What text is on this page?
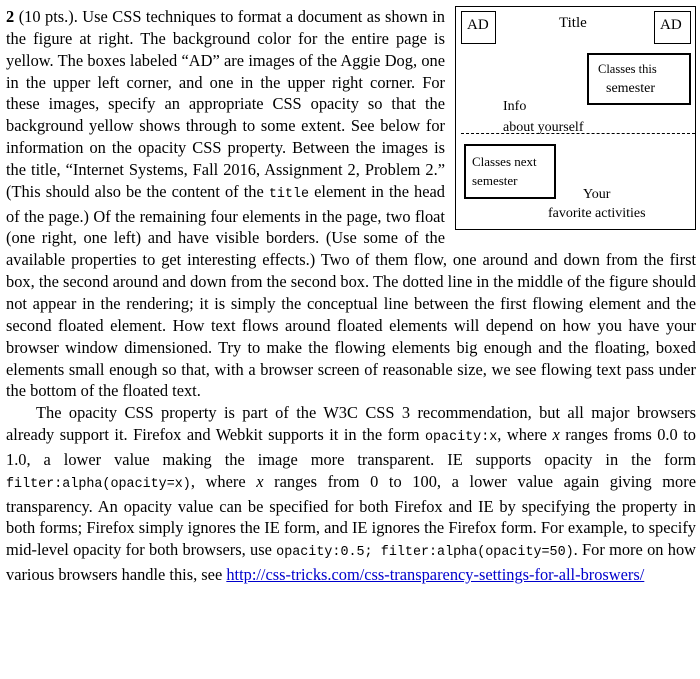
AD	Title	AD
Classes this
semester
Info
about yourself
Classes next
semester
Your
favorite activities

2 (10 pts.). Use CSS techniques to format a document as shown in the figure at right. The background color for the entire page is yellow. The boxes labeled “AD” are images of the Aggie Dog, one in the upper left corner, and one in the upper right corner. For these images, specify an appropriate CSS opacity so that the background yellow shows through to some extent. See below for information on the opacity CSS property. Between the images is the title, “Internet Systems, Fall 2016, Assignment 2, Problem 2.” (This should also be the content of the title element in the head of the page.) Of the remaining four elements in the page, two float (one right, one left) and have visible borders. (Use some of the available properties to get interesting effects.) Two of them flow, one around and down from the first box, the second around and down from the second box. The dotted line in the middle of the figure should not appear in the rendering; it is simply the conceptual line between the first flowing element and the second floated element. How text flows around floated elements will depend on how you have your browser window dimensioned. Try to make the flowing elements big enough and the floating, boxed elements small enough so that, with a browser screen of reasonable size, we see flowing text pass under the bottom of the floated text.

The opacity CSS property is part of the W3C CSS 3 recommendation, but all major browsers already support it. Firefox and Webkit supports it in the form opacity:x, where x ranges froms 0.0 to 1.0, a lower value making the image more transparent. IE supports opacity in the form filter:alpha(opacity=x), where x ranges from 0 to 100, a lower value again giving more transparency. An opacity value can be specified for both Firefox and IE by specifying the property in both forms; Firefox simply ignores the IE form, and IE ignores the Firefox form. For example, to specify mid-level opacity for both browsers, use opacity:0.5; filter:alpha(opacity=50). For more on how various browsers handle this, see http://css-tricks.com/css-transparency-settings-for-all-broswers/
